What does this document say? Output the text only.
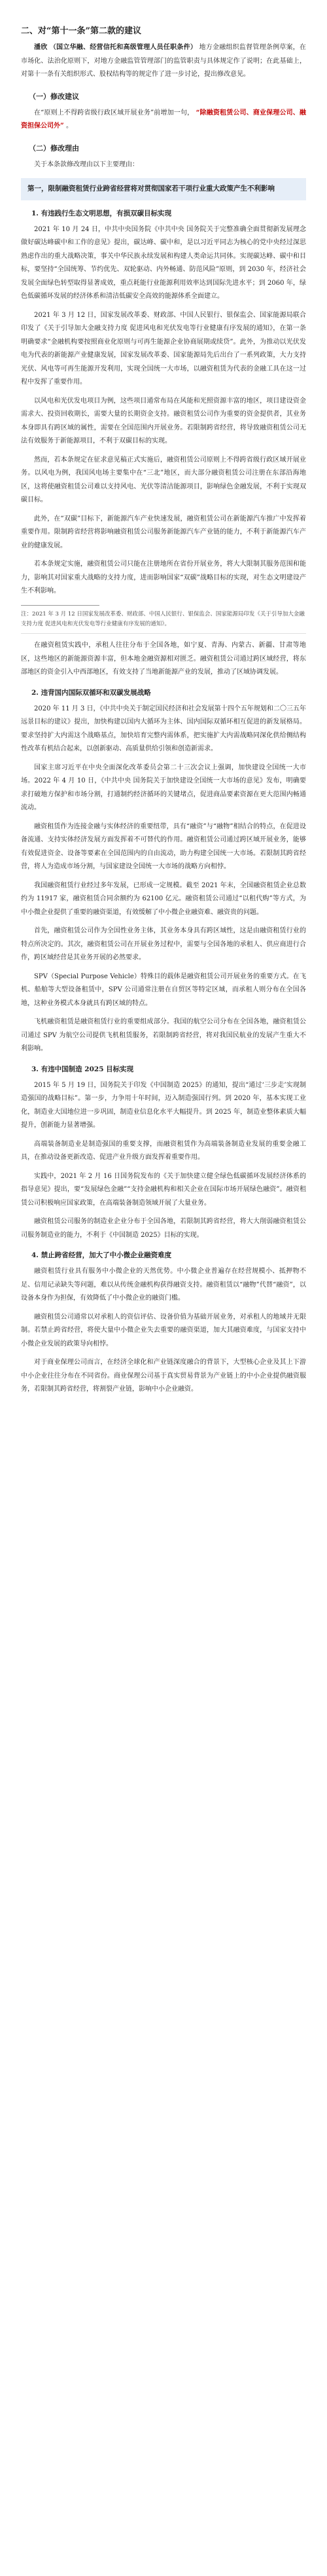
二、对“第十一条”第二款的建议

潘欣 （国立华融、经营信托和高级管理人员任职条件） 地方金融组织监督管理条例草案，在市场化、法治化原则下，对地方金融监管管理部门的监管职责与具体规定作了说明；在此基础上，对第十一条有关组织形式、股权结构等的规定作了进一步讨论，提出修改意见。

（一）修改建议

在“原则上不得跨省级行政区域开展业务”前增加一句， “除融资租赁公司、商业保理公司、融资担保公司外” 。

（二）修改理由

关于本条款修改理由以下主要理由：

第一，限制融资租赁行业跨省经营将对贯彻国家若干项行业重大政策产生不利影响
1. 有违践行生态文明思想，有损双碳目标实现

2021 年 10 月 24 日，中共中央国务院《中共中央 国务院关于完整准确全面贯彻新发展理念做好碳达峰碳中和工作的意见》提出，碳达峰、碳中和，是以习近平同志为核心的党中央经过深思熟虑作出的重大战略决策，事关中华民族永续发展和构建人类命运共同体。实现碳达峰、碳中和目标，要坚持“全国统筹、节约优先、双轮驱动、内外畅通、防范风险”原则，到 2030 年，经济社会发展全面绿色转型取得显著成效，重点耗能行业能源利用效率达到国际先进水平；到 2060 年，绿色低碳循环发展的经济体系和清洁低碳安全高效的能源体系全面建立。

2021 年 3 月 12 日，国家发展改革委、财政部、中国人民银行、银保监会、国家能源局联合印发了《关于引导加大金融支持力度 促进风电和光伏发电等行业健康有序发展的通知》，在第一条明确要求“金融机构要按照商业化原则与可再生能源企业协商展期或续贷”。此外，为推动以光伏发电为代表的新能源产业健康发展，国家发展改革委、国家能源局先后出台了一系列政策，大力支持光伏、风电等可再生能源开发利用，实现全国统一大市场，以融资租赁为代表的金融工具在这一过程中发挥了重要作用。

以风电和光伏发电项目为例，这些项目通常布局在风能和光照资源丰富的地区，项目建设资金需求大、投资回收期长，需要大量的长期资金支持。融资租赁公司作为重要的资金提供者，其业务本身即具有跨区域的属性，需要在全国范围内开展业务。若限制跨省经营，将导致融资租赁公司无法有效服务于新能源项目，不利于双碳目标的实现。

然而，若本条规定在征求意见稿正式实施后，融资租赁公司原则上不得跨省级行政区域开展业务。以风电为例，我国风电场主要集中在“三北”地区，而大部分融资租赁公司注册在东部沿海地区，这将使融资租赁公司难以支持风电、光伏等清洁能源项目，影响绿色金融发展，不利于实现双碳目标。

此外，在“双碳”目标下，新能源汽车产业快速发展，融资租赁公司在新能源汽车推广中发挥着重要作用。限制跨省经营将影响融资租赁公司服务新能源汽车产业链的能力，不利于新能源汽车产业的健康发展。

若本条规定实施，融资租赁公司只能在注册地所在省份开展业务，将大大限制其服务范围和能力，影响其对国家重大战略的支持力度，进而影响国家“双碳”战略目标的实现，对生态文明建设产生不利影响。

注：2021 年 3 月 12 日国家发展改革委、财政部、中国人民银行、银保监会、国家能源局印发《关于引导加大金融支持力度 促进风电和光伏发电等行业健康有序发展的通知》。

在融资租赁实践中，承租人往往分布于全国各地，如宁夏、青海、内蒙古、新疆、甘肃等地区，这些地区的新能源资源丰富，但本地金融资源相对匮乏。融资租赁公司通过跨区域经营，将东部地区的资金引入中西部地区，有效支持了当地新能源产业的发展，推动了区域协调发展。

2. 违背国内国际双循环和双碳发展战略

2020 年 11 月 3 日，《中共中央关于制定国民经济和社会发展第十四个五年规划和二〇三五年远景目标的建议》提出，加快构建以国内大循环为主体、国内国际双循环相互促进的新发展格局。要求坚持扩大内需这个战略基点，加快培育完整内需体系，把实施扩大内需战略同深化供给侧结构性改革有机结合起来，以创新驱动、高质量供给引领和创造新需求。

国家主席习近平在中央全面深化改革委员会第二十三次会议上强调，加快建设全国统一大市场。2022 年 4 月 10 日，《中共中央 国务院关于加快建设全国统一大市场的意见》发布，明确要求打破地方保护和市场分割，打通制约经济循环的关键堵点，促进商品要素资源在更大范围内畅通流动。

融资租赁作为连接金融与实体经济的重要纽带，具有“融资”与“融物”相结合的特点，在促进设备流通、支持实体经济发展方面发挥着不可替代的作用。融资租赁公司通过跨区域开展业务，能够有效促进资金、设备等要素在全国范围内的自由流动，助力构建全国统一大市场。若限制其跨省经营，将人为造成市场分割，与国家建设全国统一大市场的战略方向相悖。

我国融资租赁行业经过多年发展，已形成一定规模。截至 2021 年末，全国融资租赁企业总数约为 11917 家，融资租赁合同余额约为 62100 亿元。融资租赁公司通过“以租代购”等方式，为中小微企业提供了重要的融资渠道，有效缓解了中小微企业融资难、融资贵的问题。

首先，融资租赁公司作为全国性业务主体，其业务本身具有跨区域性，这是由融资租赁行业的特点所决定的。其次，融资租赁公司在开展业务过程中，需要与全国各地的承租人、供应商进行合作，跨区域经营是其业务开展的必然要求。

SPV（Special Purpose Vehicle）特殊目的载体是融资租赁公司开展业务的重要方式。在飞机、船舶等大型设备租赁中，SPV 公司通常注册在自贸区等特定区域，而承租人则分布在全国各地，这种业务模式本身就具有跨区域的特点。

飞机融资租赁是融资租赁行业的重要组成部分。我国的航空公司分布在全国各地，融资租赁公司通过 SPV 为航空公司提供飞机租赁服务，若限制跨省经营，将对我国民航业的发展产生重大不利影响。

3. 有违中国制造 2025 目标实现

2015 年 5 月 19 日，国务院关于印发《中国制造 2025》的通知，提出“通过‘三步走’实现制造强国的战略目标”。第一步，力争用十年时间，迈入制造强国行列。到 2020 年，基本实现工业化，制造业大国地位进一步巩固，制造业信息化水平大幅提升。到 2025 年，制造业整体素质大幅提升，创新能力显著增强。

高端装备制造业是制造强国的重要支撑，而融资租赁作为高端装备制造业发展的重要金融工具，在推动设备更新改造、促进产业升级方面发挥着重要作用。

实践中，2021 年 2 月 16 日国务院发布的《关于加快建立健全绿色低碳循环发展经济体系的指导意见》提出，要“发展绿色金融”“支持金融机构和相关企业在国际市场开展绿色融资”。融资租赁公司积极响应国家政策，在高端装备制造领域开展了大量业务。

融资租赁公司服务的制造业企业分布于全国各地，若限制其跨省经营，将大大削弱融资租赁公司服务制造业的能力，不利于《中国制造 2025》目标的实现。

4. 禁止跨省经营，加大了中小微企业融资难度

融资租赁行业具有服务中小微企业的天然优势。中小微企业普遍存在经营规模小、抵押物不足、信用记录缺失等问题，难以从传统金融机构获得融资支持。融资租赁以“融物”代替“融资”，以设备本身作为担保，有效降低了中小微企业的融资门槛。

融资租赁公司通常以对承租人的资信评估、设备价值为基础开展业务，对承租人的地域并无限制。若禁止跨省经营，将使大量中小微企业失去重要的融资渠道，加大其融资难度，与国家支持中小微企业发展的政策导向相悖。

对于商业保理公司而言，在经济全球化和产业链深度融合的背景下，大型核心企业及其上下游中小企业往往分布在不同省份。商业保理公司基于真实贸易背景为产业链上的中小企业提供融资服务，若限制其跨省经营，将割裂产业链，影响中小企业融资。
